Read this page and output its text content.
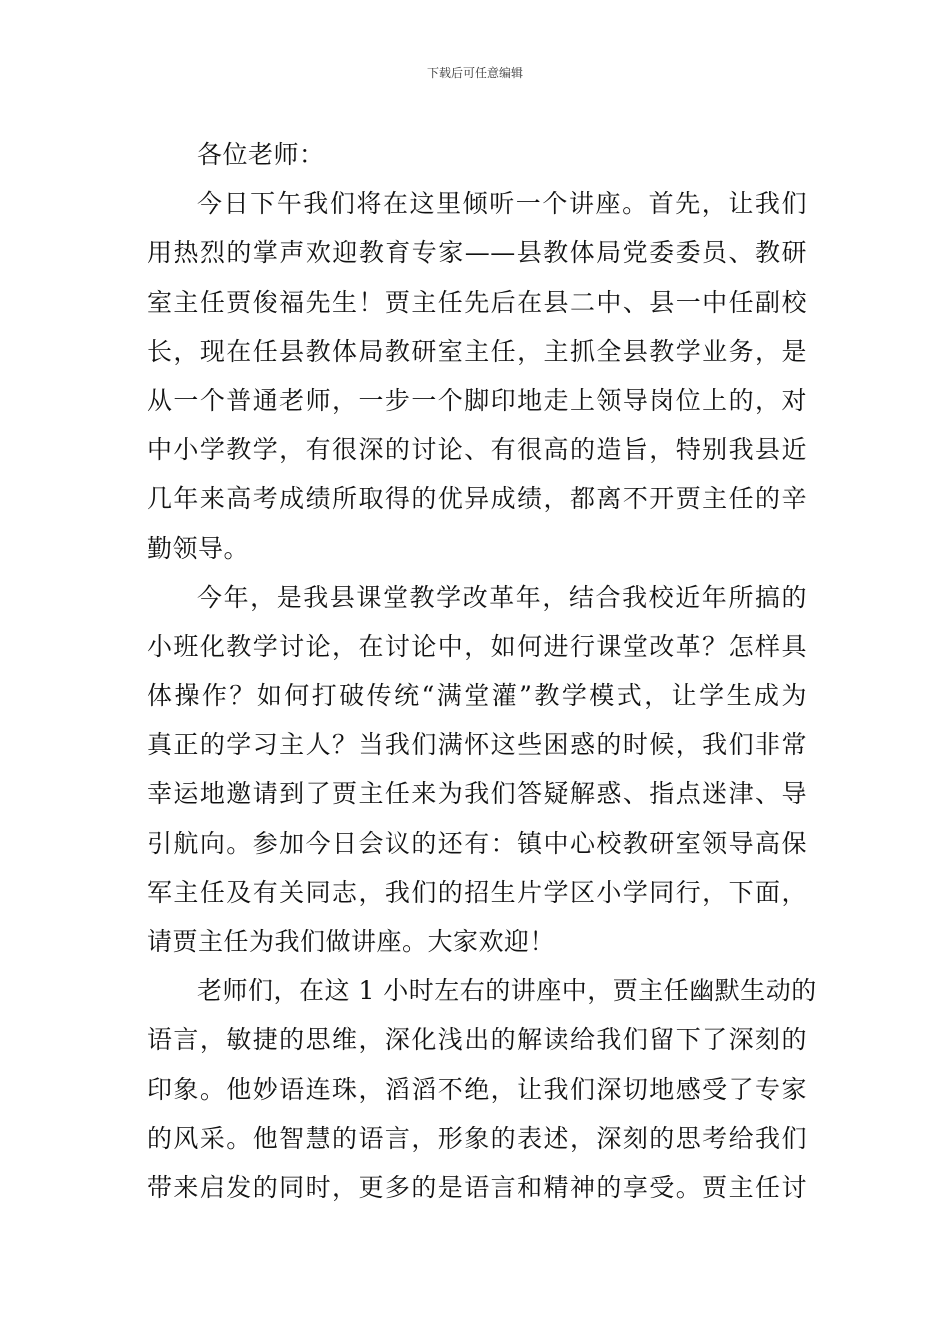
下载后可任意编辑
各位老师：
今日下午我们将在这里倾听一个讲座。首先，让我们
用热烈的掌声欢迎教育专家——县教体局党委委员、教研
室主任贾俊福先生！贾主任先后在县二中、县一中任副校
长，现在任县教体局教研室主任，主抓全县教学业务，是
从一个普通老师，一步一个脚印地走上领导岗位上的，对
中小学教学，有很深的讨论、有很高的造旨，特别我县近
几年来高考成绩所取得的优异成绩，都离不开贾主任的辛
勤领导。
今年，是我县课堂教学改革年，结合我校近年所搞的
小班化教学讨论，在讨论中，如何进行课堂改革？怎样具
体操作？如何打破传统“满堂灌”教学模式，让学生成为
真正的学习主人？当我们满怀这些困惑的时候，我们非常
幸运地邀请到了贾主任来为我们答疑解惑、指点迷津、导
引航向。参加今日会议的还有：镇中心校教研室领导高保
军主任及有关同志，我们的招生片学区小学同行，下面，
请贾主任为我们做讲座。大家欢迎！
老师们，在这 1 小时左右的讲座中，贾主任幽默生动的
语言，敏捷的思维，深化浅出的解读给我们留下了深刻的
印象。他妙语连珠，滔滔不绝，让我们深切地感受了专家
的风采。他智慧的语言，形象的表述，深刻的思考给我们
带来启发的同时，更多的是语言和精神的享受。贾主任讨
